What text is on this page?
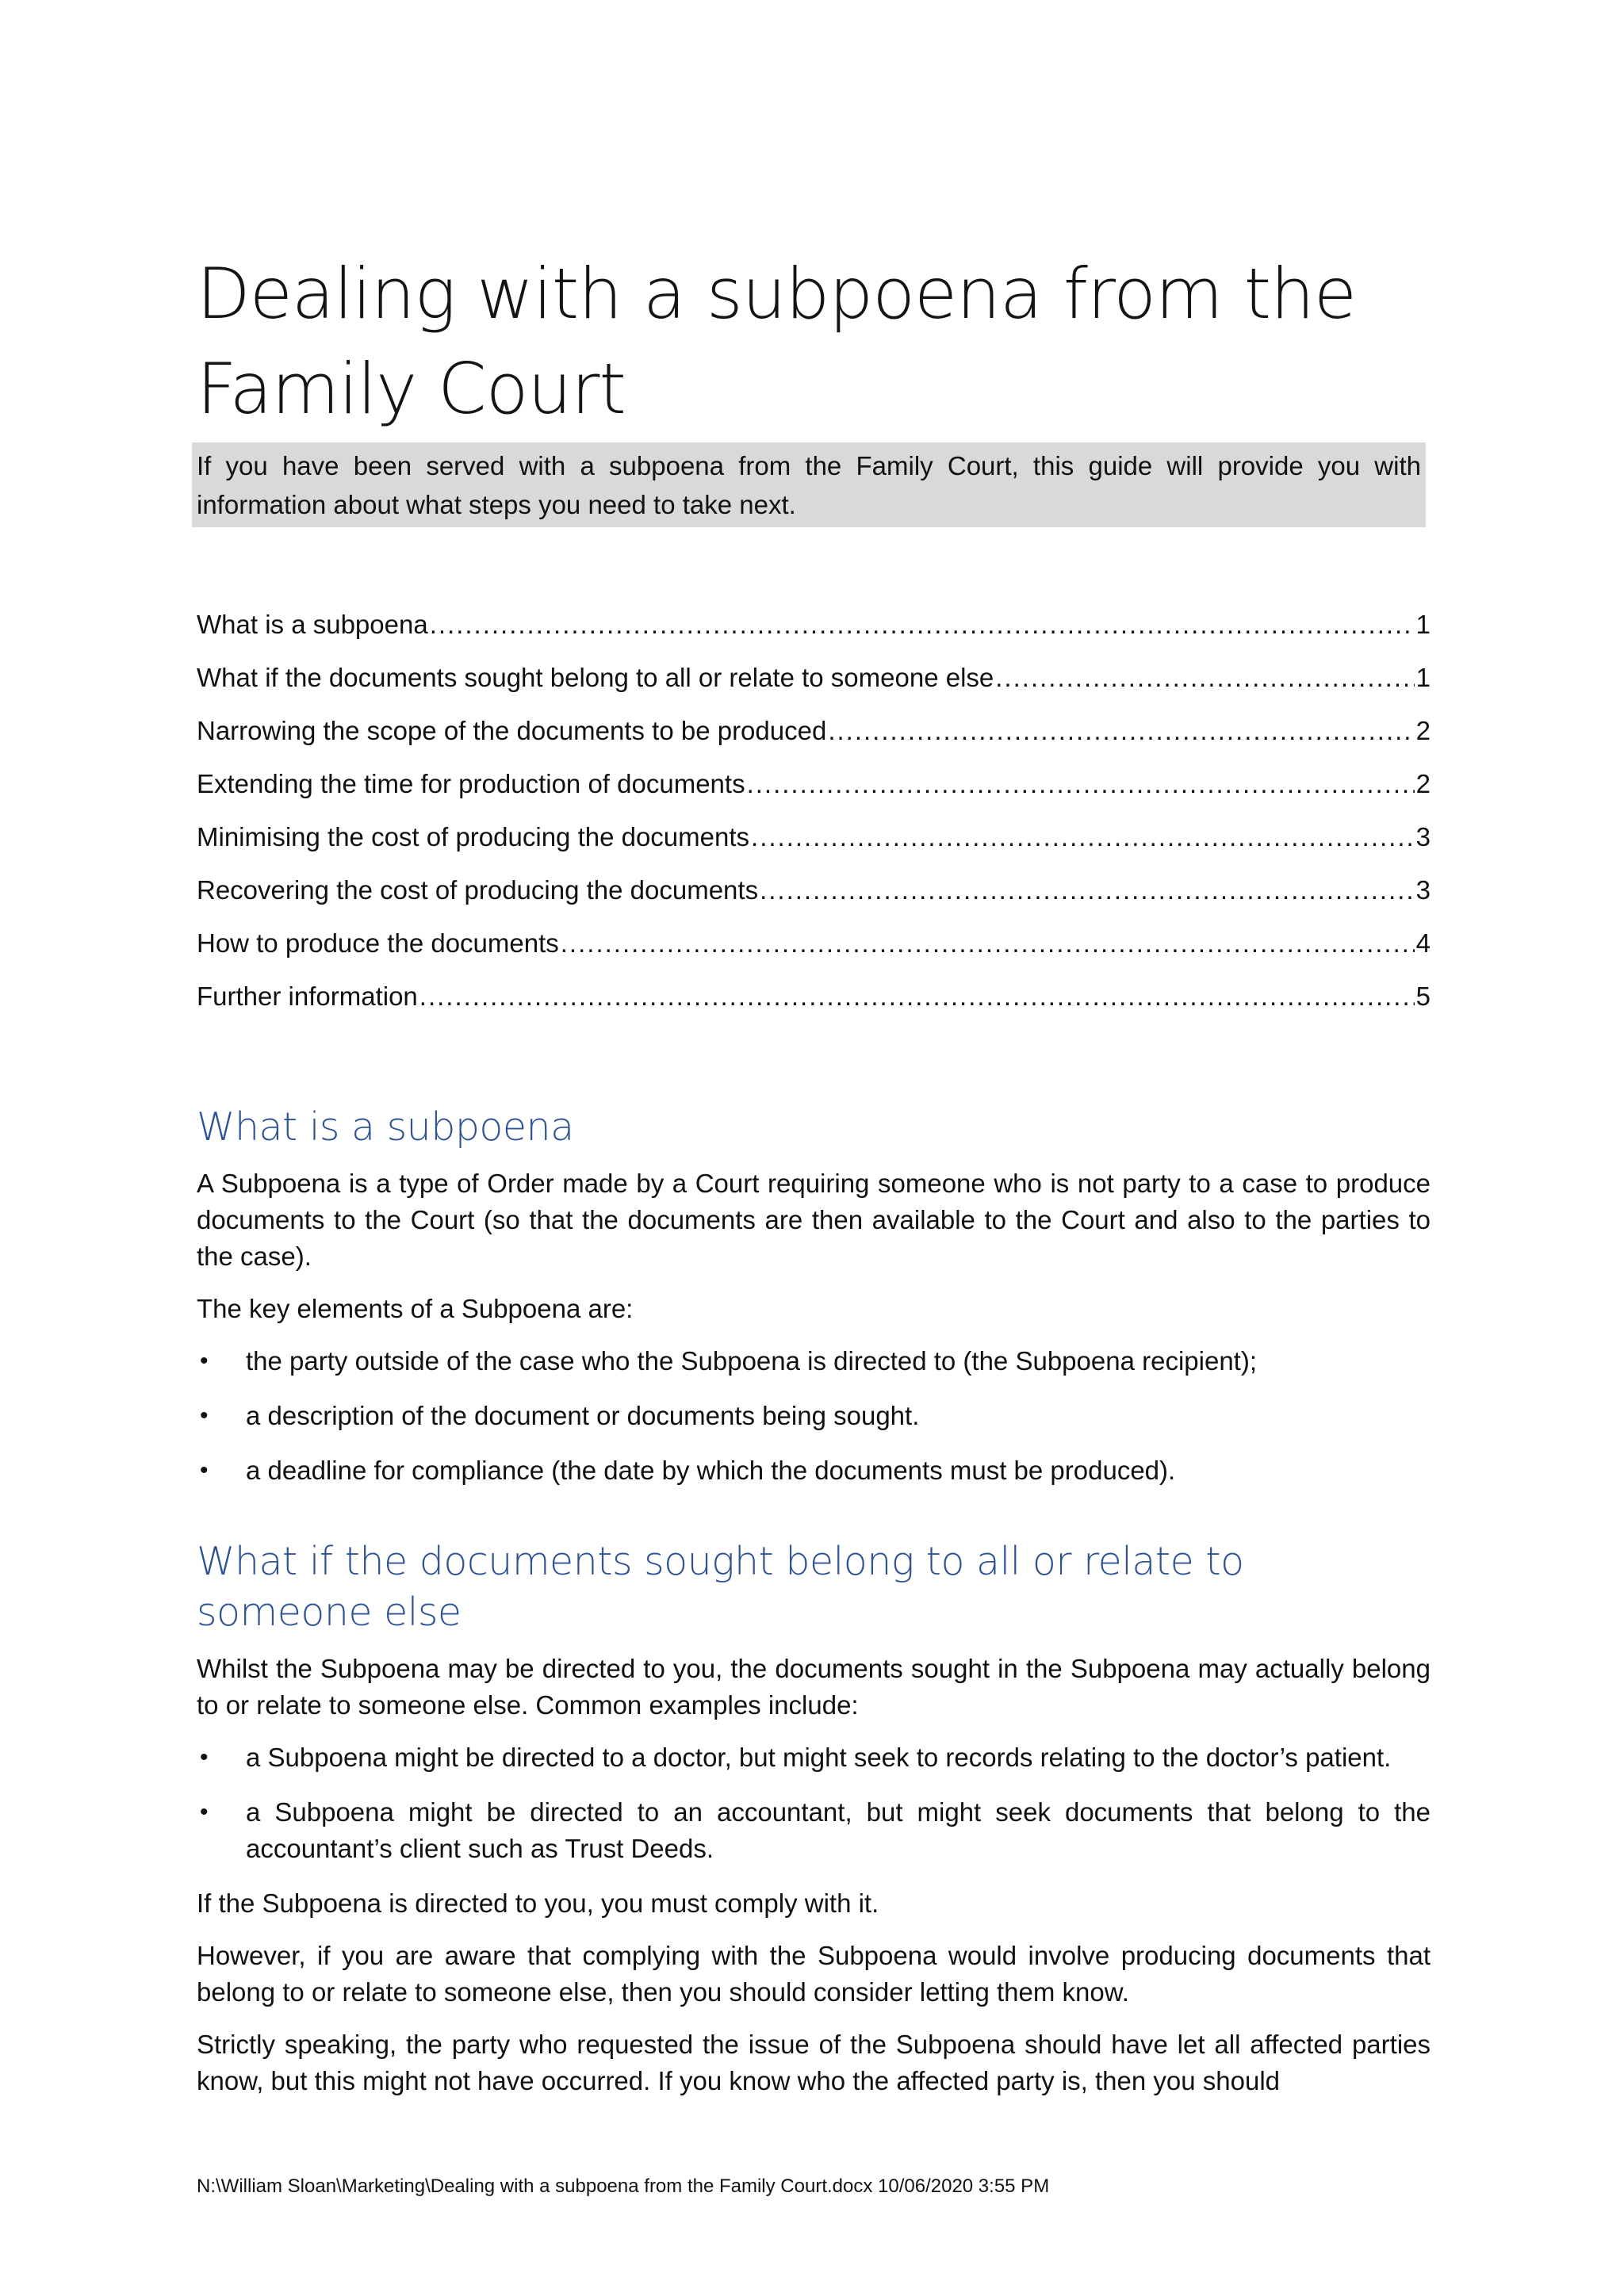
Dealing with a subpoena from the Family Court
If you have been served with a subpoena from the Family Court, this guide will provide you with information about what steps you need to take next.
What is a subpoena .....	1
What if the documents sought belong to all or relate to someone else .....	1
Narrowing the scope of the documents to be produced .....	2
Extending the time for production of documents .....	2
Minimising the cost of producing the documents .....	3
Recovering the cost of producing the documents .....	3
How to produce the documents .....	4
Further information .....	5
What is a subpoena

A Subpoena is a type of Order made by a Court requiring someone who is not party to a case to produce documents to the Court (so that the documents are then available to the Court and also to the parties to the case).

The key elements of a Subpoena are:

• the party outside of the case who the Subpoena is directed to (the Subpoena recipient);
• a description of the document or documents being sought.
• a deadline for compliance (the date by which the documents must be produced).
What if the documents sought belong to all or relate to someone else

Whilst the Subpoena may be directed to you, the documents sought in the Subpoena may actually belong to or relate to someone else. Common examples include:

• a Subpoena might be directed to a doctor, but might seek to records relating to the doctor’s patient.
• a Subpoena might be directed to an accountant, but might seek documents that belong to the accountant’s client such as Trust Deeds.

If the Subpoena is directed to you, you must comply with it.

However, if you are aware that complying with the Subpoena would involve producing documents that belong to or relate to someone else, then you should consider letting them know.

Strictly speaking, the party who requested the issue of the Subpoena should have let all affected parties know, but this might not have occurred. If you know who the affected party is, then you should

N:\William Sloan\Marketing\Dealing with a subpoena from the Family Court.docx 10/06/2020 3:55 PM
